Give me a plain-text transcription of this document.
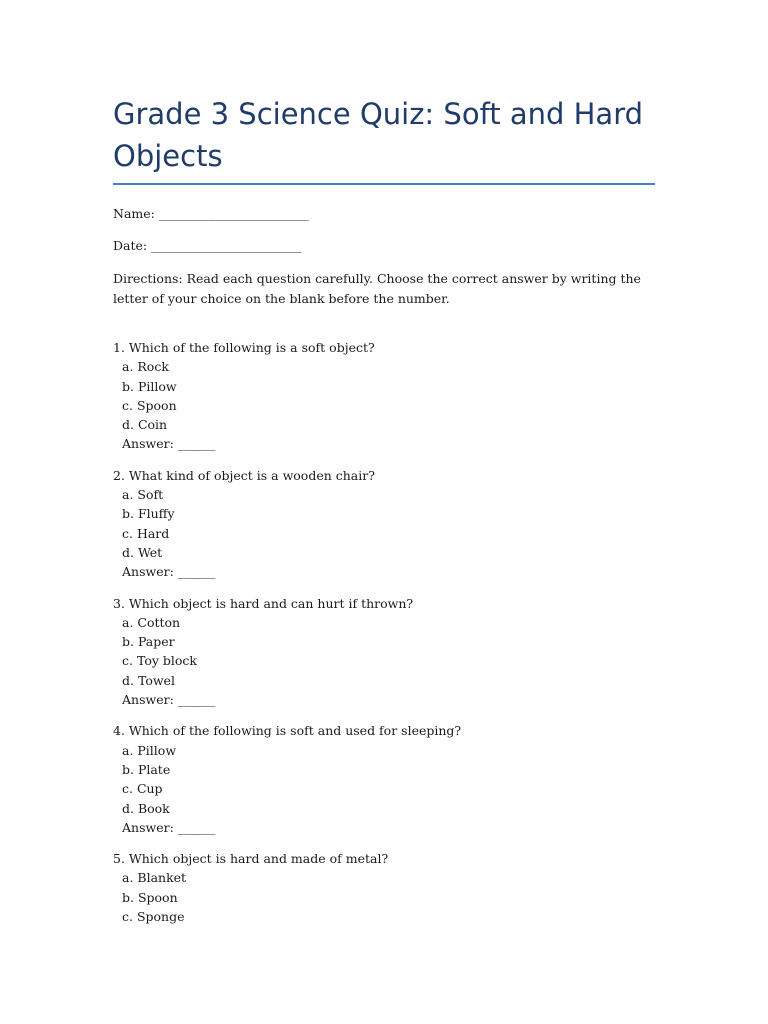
Grade 3 Science Quiz: Soft and Hard Objects

Name: ________________________

Date: ________________________

Directions: Read each question carefully. Choose the correct answer by writing the letter of your choice on the blank before the number.

1. Which of the following is a soft object?

a. Rock

b. Pillow

c. Spoon

d. Coin

Answer: ______

2. What kind of object is a wooden chair?

a. Soft

b. Fluffy

c. Hard

d. Wet

Answer: ______

3. Which object is hard and can hurt if thrown?

a. Cotton

b. Paper

c. Toy block

d. Towel

Answer: ______

4. Which of the following is soft and used for sleeping?

a. Pillow

b. Plate

c. Cup

d. Book

Answer: ______

5. Which object is hard and made of metal?

a. Blanket

b. Spoon

c. Sponge
